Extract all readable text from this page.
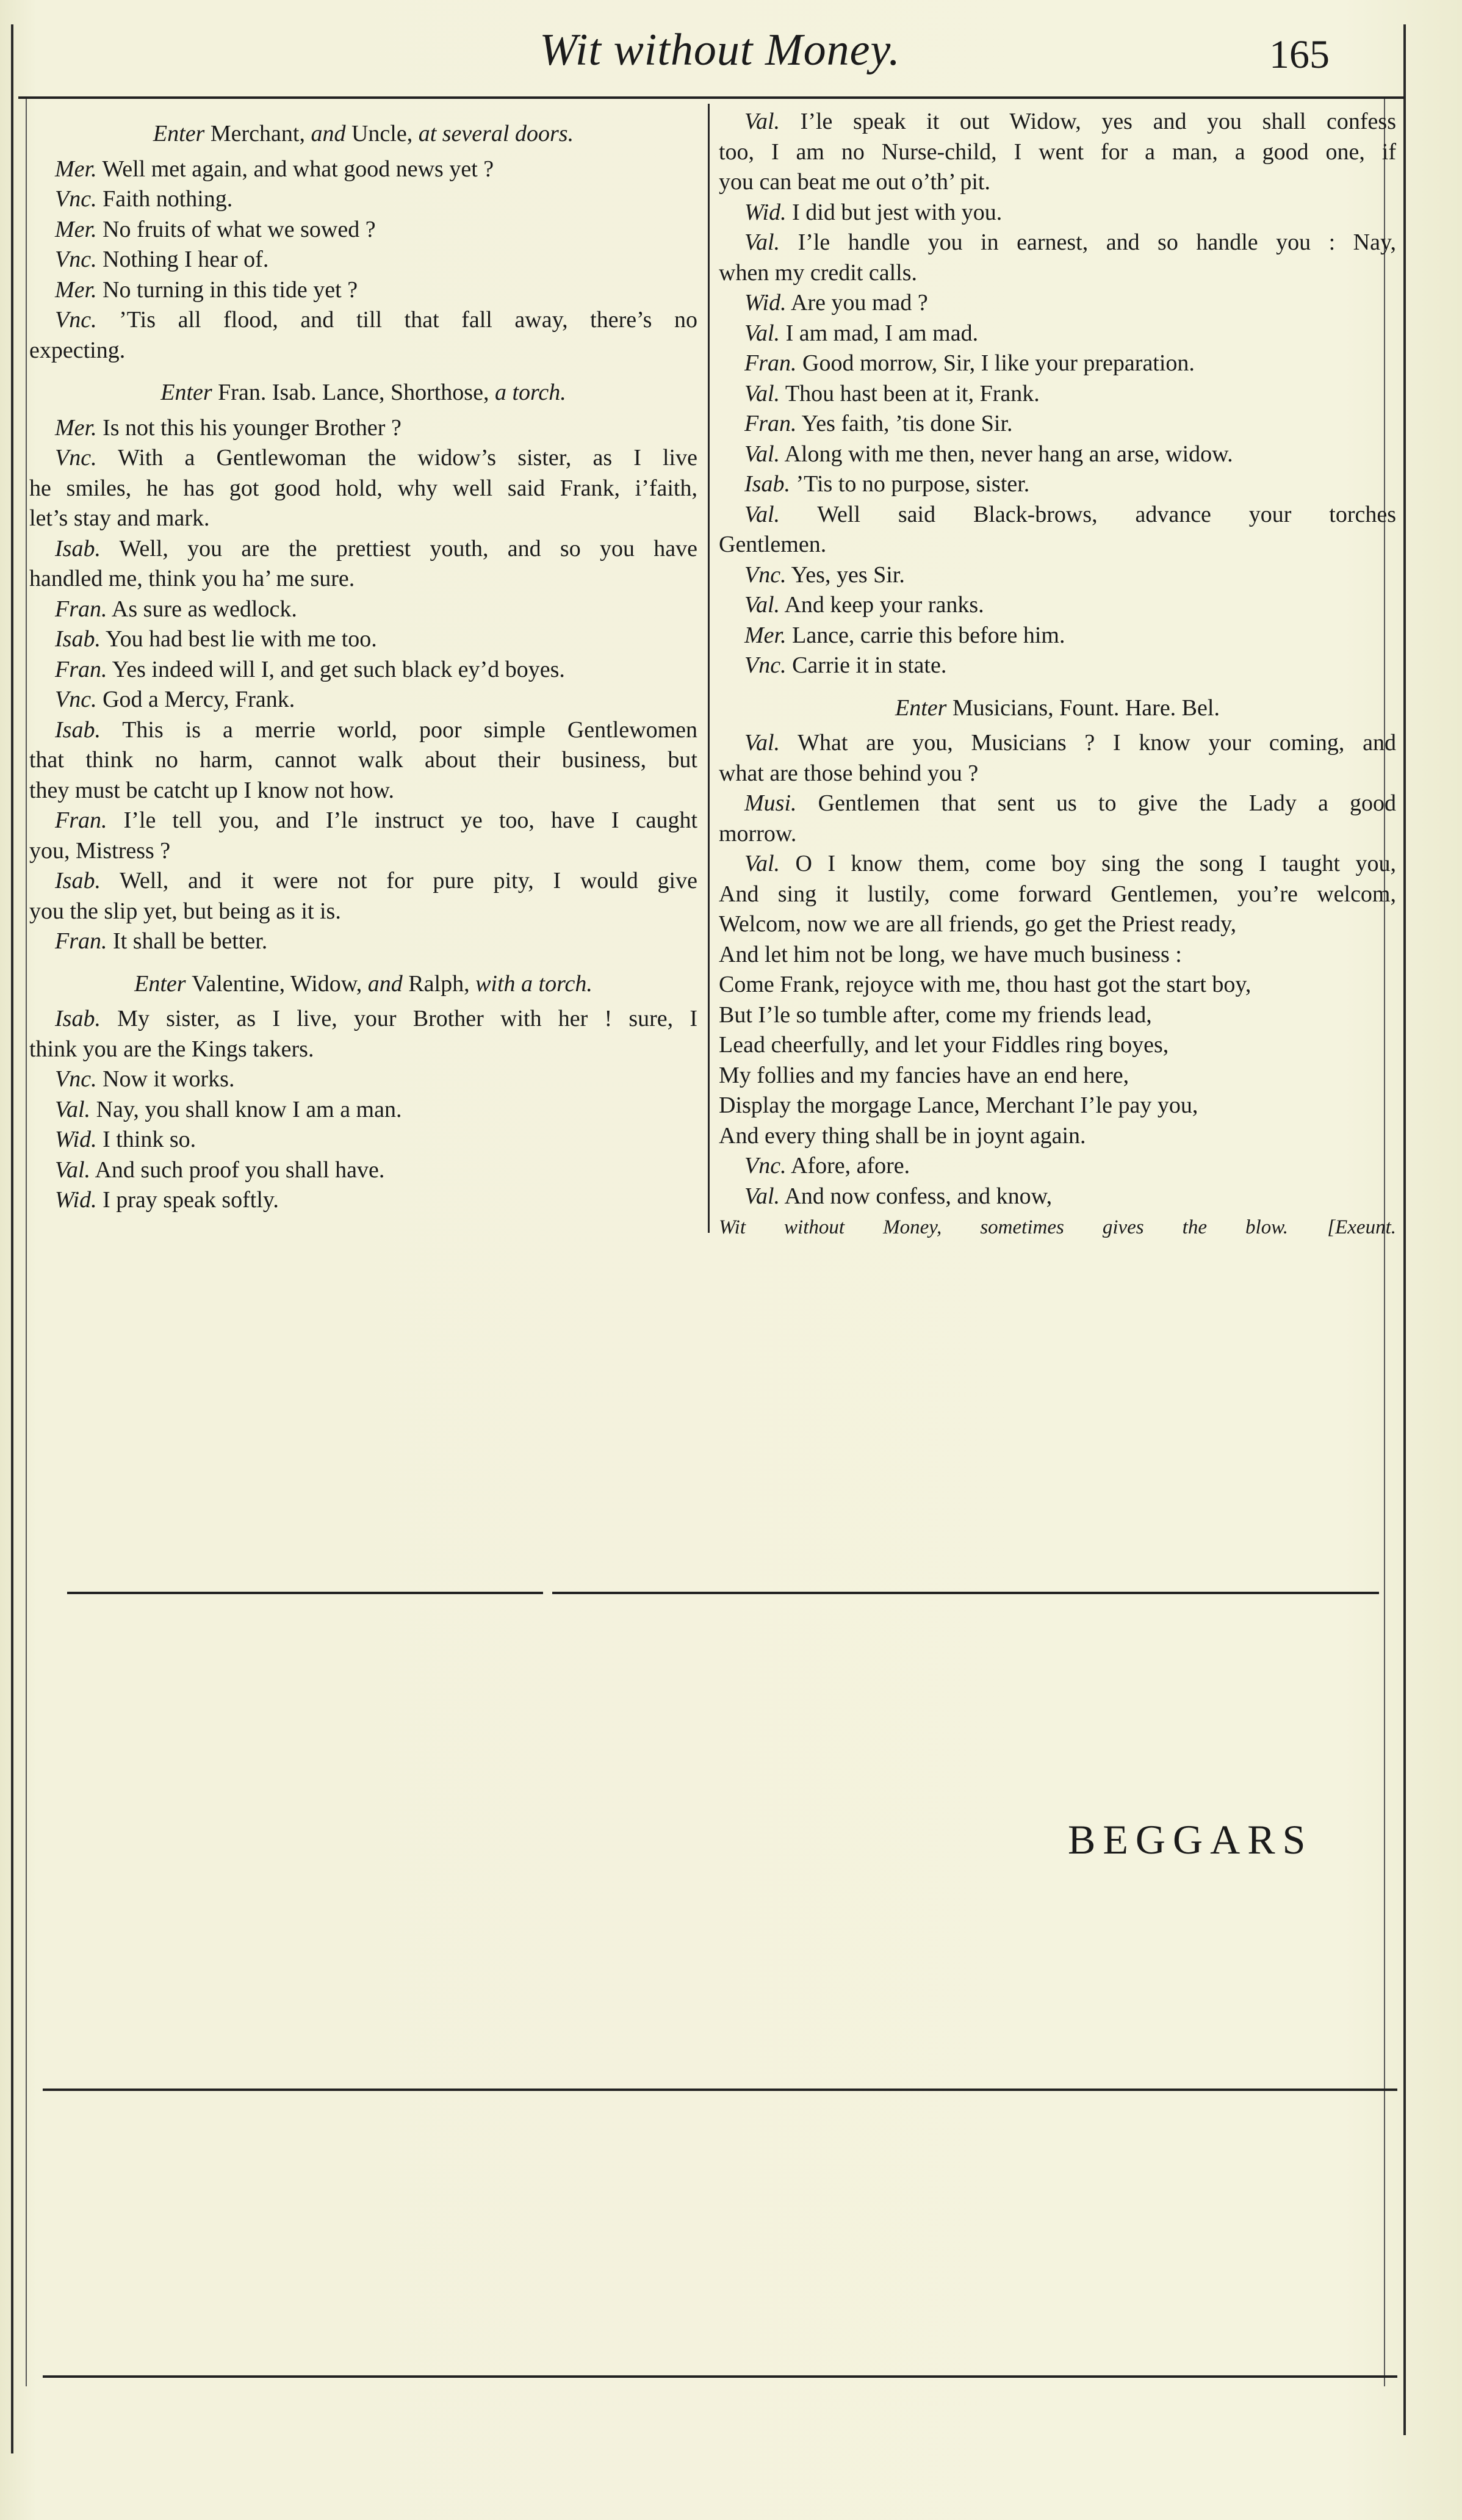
Wit without Money.	165
Enter Merchant, and Uncle, at several doors.
Mer. Well met again, and what good news yet ?
Vnc. Faith nothing.
Mer. No fruits of what we sowed ?
Vnc. Nothing I hear of.
Mer. No turning in this tide yet ?
Vnc. ’Tis all flood, and till that fall away, there’s no
expecting.
Enter Fran. Isab. Lance, Shorthose, a torch.
Mer. Is not this his younger Brother ?
Vnc. With a Gentlewoman the widow’s sister, as I live
he smiles, he has got good hold, why well said Frank, i’faith,
let’s stay and mark.
Isab. Well, you are the prettiest youth, and so you have
handled me, think you ha’ me sure.
Fran. As sure as wedlock.
Isab. You had best lie with me too.
Fran. Yes indeed will I, and get such black ey’d boyes.
Vnc. God a Mercy, Frank.
Isab. This is a merrie world, poor simple Gentlewomen
that think no harm, cannot walk about their business, but
they must be catcht up I know not how.
Fran. I’le tell you, and I’le instruct ye too, have I caught
you, Mistress ?
Isab. Well, and it were not for pure pity, I would give
you the slip yet, but being as it is.
Fran. It shall be better.
Enter Valentine, Widow, and Ralph, with a torch.
Isab. My sister, as I live, your Brother with her ! sure, I
think you are the Kings takers.
Vnc. Now it works.
Val. Nay, you shall know I am a man.
Wid. I think so.
Val. And such proof you shall have.
Wid. I pray speak softly.
Val. I’le speak it out Widow, yes and you shall confess
too, I am no Nurse-child, I went for a man, a good one, if
you can beat me out o’th’ pit.
Wid. I did but jest with you.
Val. I’le handle you in earnest, and so handle you : Nay,
when my credit calls.
Wid. Are you mad ?
Val. I am mad, I am mad.
Fran. Good morrow, Sir, I like your preparation.
Val. Thou hast been at it, Frank.
Fran. Yes faith, ’tis done Sir.
Val. Along with me then, never hang an arse, widow.
Isab. ’Tis to no purpose, sister.
Val. Well said Black-brows, advance your torches
Gentlemen.
Vnc. Yes, yes Sir.
Val. And keep your ranks.
Mer. Lance, carrie this before him.
Vnc. Carrie it in state.
Enter Musicians, Fount. Hare. Bel.
Val. What are you, Musicians ? I know your coming, and
what are those behind you ?
Musi. Gentlemen that sent us to give the Lady a good
morrow.
Val. O I know them, come boy sing the song I taught you,
And sing it lustily, come forward Gentlemen, you’re welcom,
Welcom, now we are all friends, go get the Priest ready,
And let him not be long, we have much business :
Come Frank, rejoyce with me, thou hast got the start boy,
But I’le so tumble after, come my friends lead,
Lead cheerfully, and let your Fiddles ring boyes,
My follies and my fancies have an end here,
Display the morgage Lance, Merchant I’le pay you,
And every thing shall be in joynt again.
Vnc. Afore, afore.
Val. And now confess, and know,
Wit without Money, sometimes gives the blow. [Exeunt.
BEGGARS
